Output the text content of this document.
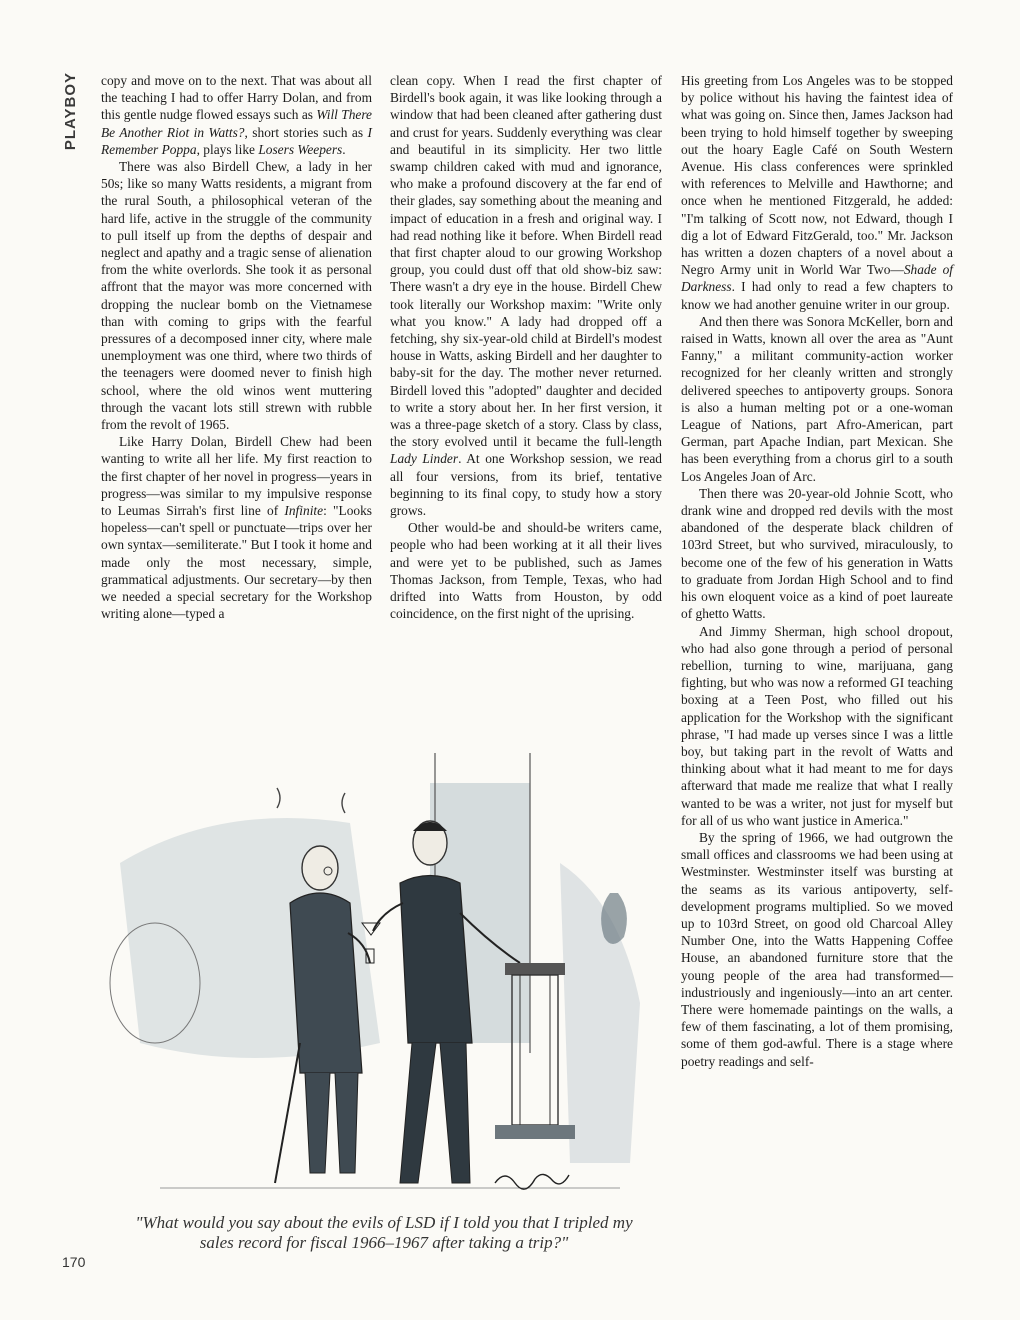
PLAYBOY	copy and move on to the next. That was about all the teaching I had to offer Harry Dolan, and from this gentle nudge flowed essays such as Will There Be Another Riot in Watts?, short stories such as I Remember Poppa, plays like Losers Weepers.

There was also Birdell Chew, a lady in her 50s; like so many Watts residents, a migrant from the rural South, a philosophical veteran of the hard life, active in the struggle of the community to pull itself up from the depths of despair and neglect and apathy and a tragic sense of alienation from the white overlords. She took it as personal affront that the mayor was more concerned with dropping the nuclear bomb on the Vietnamese than with coming to grips with the fearful pressures of a decomposed inner city, where male unemployment was one third, where two thirds of the teenagers were doomed never to finish high school, where the old winos went muttering through the vacant lots still strewn with rubble from the revolt of 1965.

Like Harry Dolan, Birdell Chew had been wanting to write all her life. My first reaction to the first chapter of her novel in progress—years in progress—was similar to my impulsive response to Leumas Sirrah's first line of Infinite: "Looks hopeless—can't spell or punctuate—trips over her own syntax—semiliterate." But I took it home and made only the most necessary, simple, grammatical adjustments. Our secretary—by then we needed a special secretary for the Workshop writing alone—typed a

clean copy. When I read the first chapter of Birdell's book again, it was like looking through a window that had been cleaned after gathering dust and crust for years. Suddenly everything was clear and beautiful in its simplicity. Her two little swamp children caked with mud and ignorance, who make a profound discovery at the far end of their glades, say something about the meaning and impact of education in a fresh and original way. I had read nothing like it before. When Birdell read that first chapter aloud to our growing Workshop group, you could dust off that old show-biz saw: There wasn't a dry eye in the house. Birdell Chew took literally our Workshop maxim: "Write only what you know." A lady had dropped off a fetching, shy six-year-old child at Birdell's modest house in Watts, asking Birdell and her daughter to baby-sit for the day. The mother never returned. Birdell loved this "adopted" daughter and decided to write a story about her. In her first version, it was a three-page sketch of a story. Class by class, the story evolved until it became the full-length Lady Linder. At one Workshop session, we read all four versions, from its brief, tentative beginning to its final copy, to study how a story grows.

Other would-be and should-be writers came, people who had been working at it all their lives and were yet to be published, such as James Thomas Jackson, from Temple, Texas, who had drifted into Watts from Houston, by odd coincidence, on the first night of the uprising.

His greeting from Los Angeles was to be stopped by police without his having the faintest idea of what was going on. Since then, James Jackson had been trying to hold himself together by sweeping out the hoary Eagle Café on South Western Avenue. His class conferences were sprinkled with references to Melville and Hawthorne; and once when he mentioned Fitzgerald, he added: "I'm talking of Scott now, not Edward, though I dig a lot of Edward FitzGerald, too." Mr. Jackson has written a dozen chapters of a novel about a Negro Army unit in World War Two—Shade of Darkness. I had only to read a few chapters to know we had another genuine writer in our group.

And then there was Sonora McKeller, born and raised in Watts, known all over the area as "Aunt Fanny," a militant community-action worker recognized for her cleanly written and strongly delivered speeches to antipoverty groups. Sonora is also a human melting pot or a one-woman League of Nations, part Afro-American, part German, part Apache Indian, part Mexican. She has been everything from a chorus girl to a south Los Angeles Joan of Arc.

Then there was 20-year-old Johnie Scott, who drank wine and dropped red devils with the most abandoned of the desperate black children of 103rd Street, but who survived, miraculously, to become one of the few of his generation in Watts to graduate from Jordan High School and to find his own eloquent voice as a kind of poet laureate of ghetto Watts.

And Jimmy Sherman, high school dropout, who had also gone through a period of personal rebellion, turning to wine, marijuana, gang fighting, but who was now a reformed GI teaching boxing at a Teen Post, who filled out his application for the Workshop with the significant phrase, "I had made up verses since I was a little boy, but taking part in the revolt of Watts and thinking about what it had meant to me for days afterward that made me realize that what I really wanted to be was a writer, not just for myself but for all of us who want justice in America."

By the spring of 1966, we had outgrown the small offices and classrooms we had been using at Westminster. Westminster itself was bursting at the seams as its various antipoverty, self-development programs multiplied. So we moved up to 103rd Street, on good old Charcoal Alley Number One, into the Watts Happening Coffee House, an abandoned furniture store that the young people of the area had transformed—industriously and ingeniously—into an art center. There were homemade paintings on the walls, a few of them fascinating, a lot of them promising, some of them god-awful. There is a stage where poetry readings and self-

"What would you say about the evils of LSD if I told you that I tripled my sales record for fiscal 1966–1967 after taking a trip?"
170
